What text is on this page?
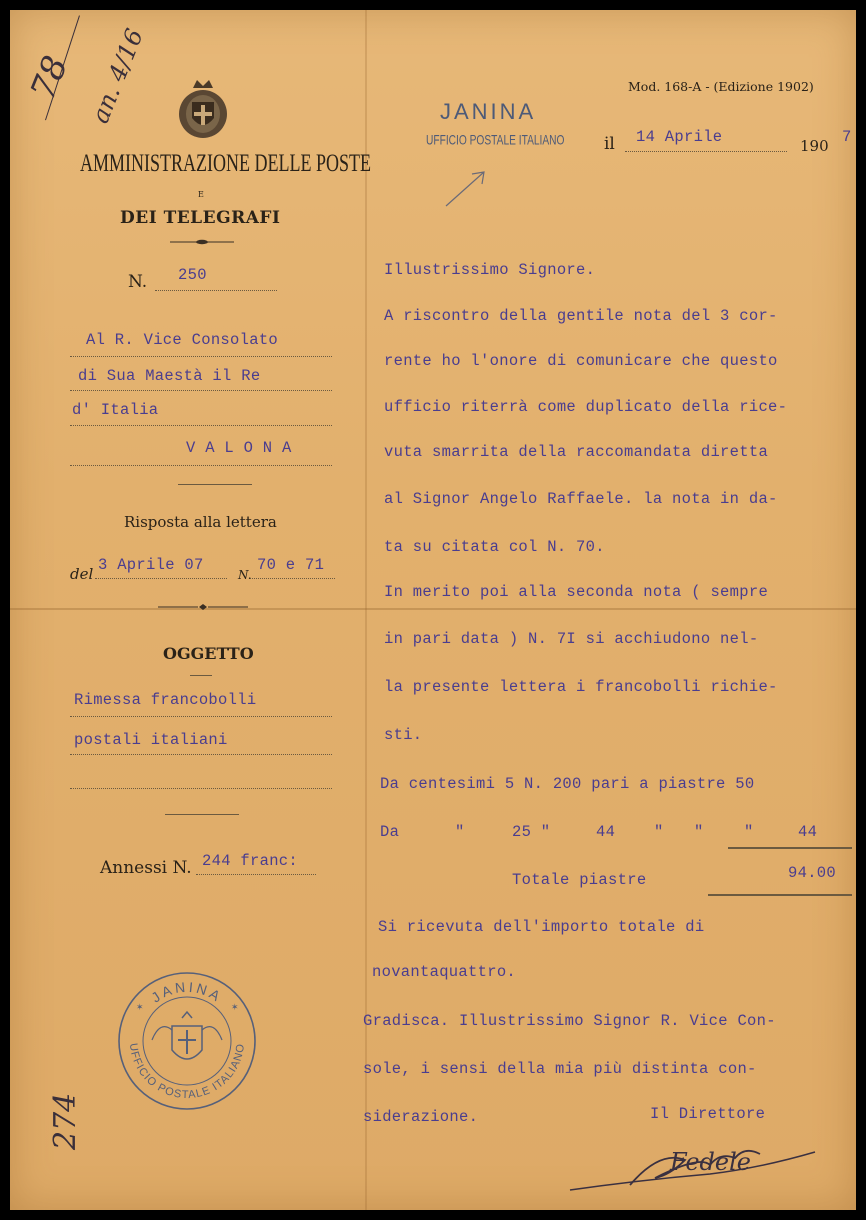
78 an. 4/16
274
AMMINISTRAZIONE DELLE POSTE
E
DEI TELEGRAFI
N. 250
Al R. Vice Consolato
di Sua Maestà il Re
d' Italia
V A L O N A
Risposta alla lettera
del 3 Aprile 07
N.
70 e 71
OGGETTO
Rimessa francobolli
postali italiani
Annessi N. 244 franc:
JANINA
UFFICIO POSTALE ITALIANO
✶	✶
Mod. 168-A - (Edizione 1902)
JANINA
UFFICIO POSTALE ITALIANO il 14 Aprile	190 7
Illustrissimo Signore.
A riscontro della gentile nota del 3 cor-
rente ho l'onore di comunicare che questo
ufficio riterrà come duplicato della rice-
vuta smarrita della raccomandata diretta
al Signor Angelo Raffaele. la nota in da-
ta su citata col N. 70.
In merito poi alla seconda nota ( sempre
in pari data ) N. 7I si acchiudono nel-
la presente lettera i francobolli richie-
sti.
Da centesimi 5 N. 200 pari a piastre 50
Da	"	25 "	44	" "	"	44
Totale piastre	94.00
Si ricevuta dell'importo totale di
novantaquattro.
Gradisca. Illustrissimo Signor R. Vice Con-
sole, i sensi della mia più distinta con-
siderazione.	Il Direttore
Fedele
